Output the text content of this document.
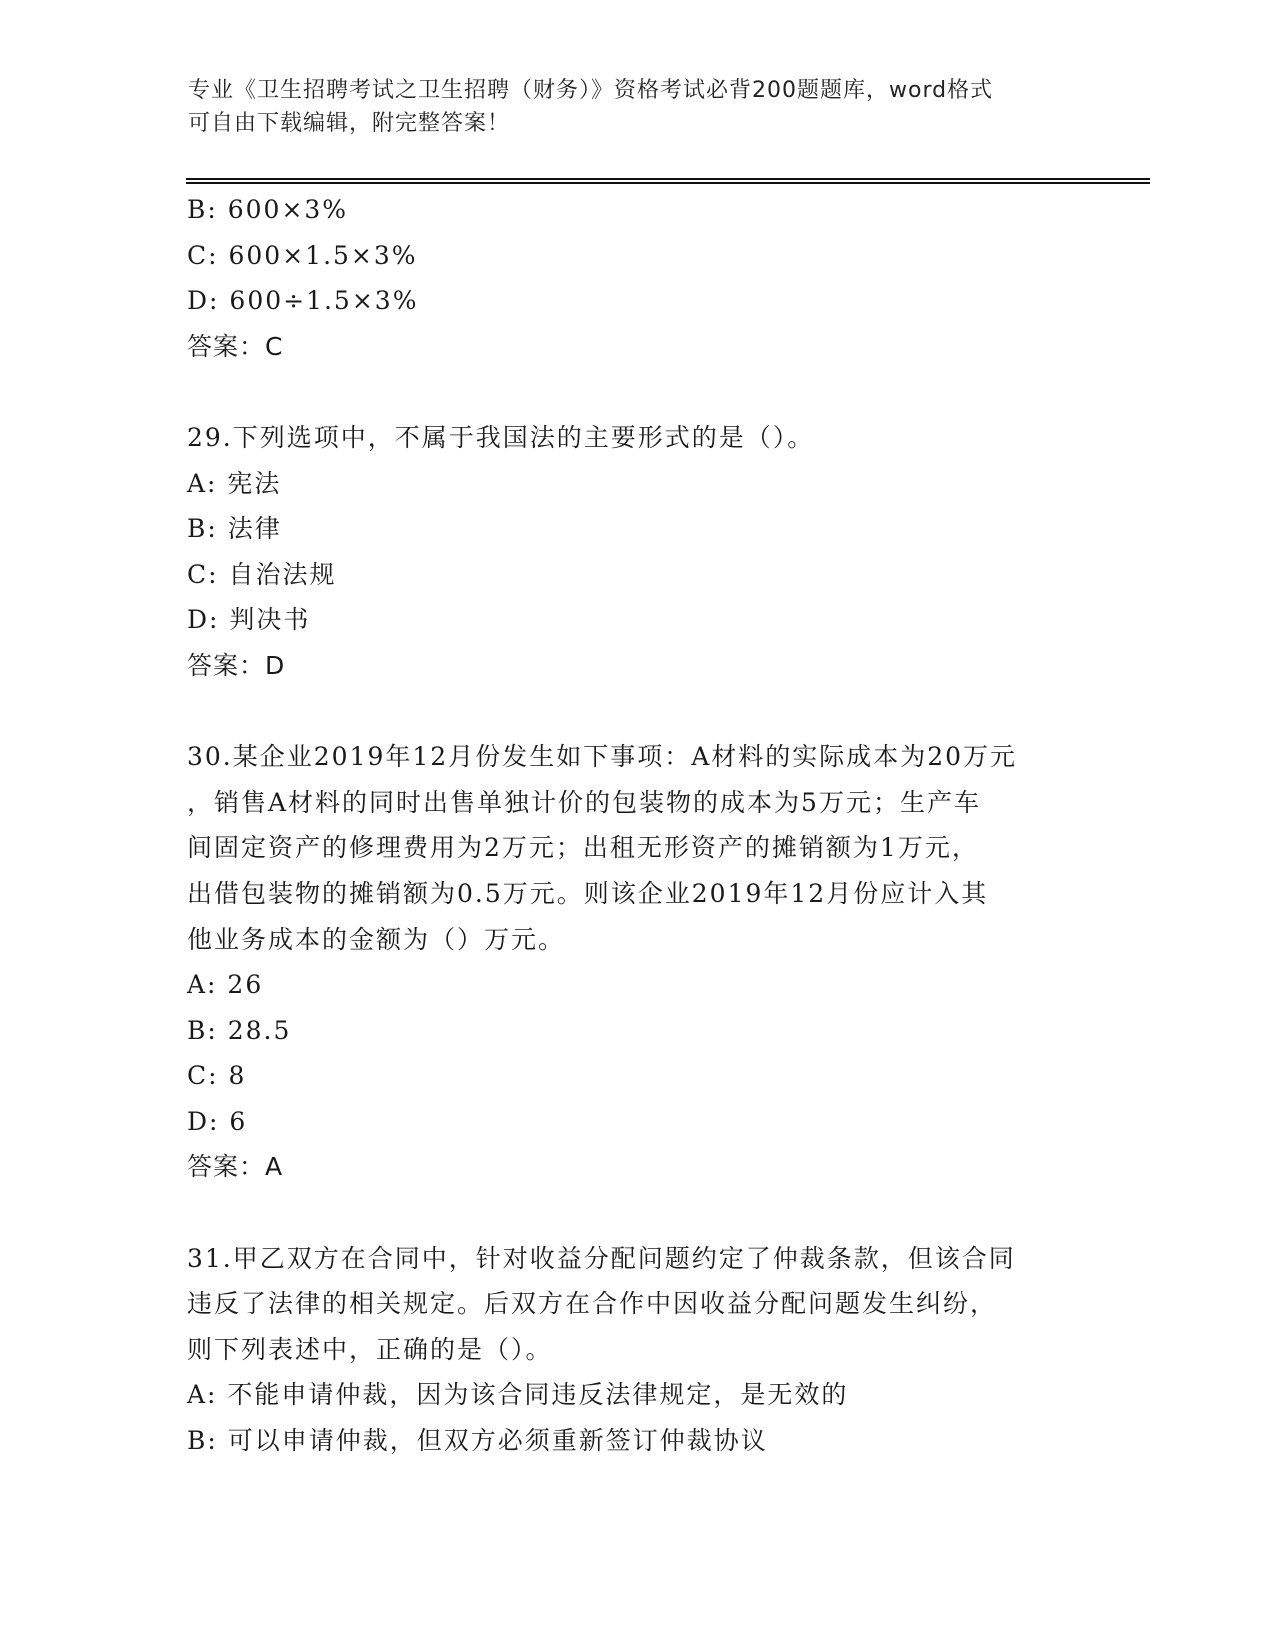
专业《卫生招聘考试之卫生招聘（财务）》资格考试必背200题题库，word格式
可自由下载编辑，附完整答案！
B: 600×3%
C: 600×1.5×3%
D: 600÷1.5×3%
答案：C
29.下列选项中，不属于我国法的主要形式的是（）。
A: 宪法
B: 法律
C: 自治法规
D: 判决书
答案：D
30.某企业2019年12月份发生如下事项：A材料的实际成本为20万元
，销售A材料的同时出售单独计价的包装物的成本为5万元；生产车
间固定资产的修理费用为2万元；出租无形资产的摊销额为1万元，
出借包装物的摊销额为0.5万元。则该企业2019年12月份应计入其
他业务成本的金额为（）万元。
A: 26
B: 28.5
C: 8
D: 6
答案：A
31.甲乙双方在合同中，针对收益分配问题约定了仲裁条款，但该合同
违反了法律的相关规定。后双方在合作中因收益分配问题发生纠纷，
则下列表述中，正确的是（）。
A: 不能申请仲裁，因为该合同违反法律规定，是无效的
B: 可以申请仲裁，但双方必须重新签订仲裁协议
